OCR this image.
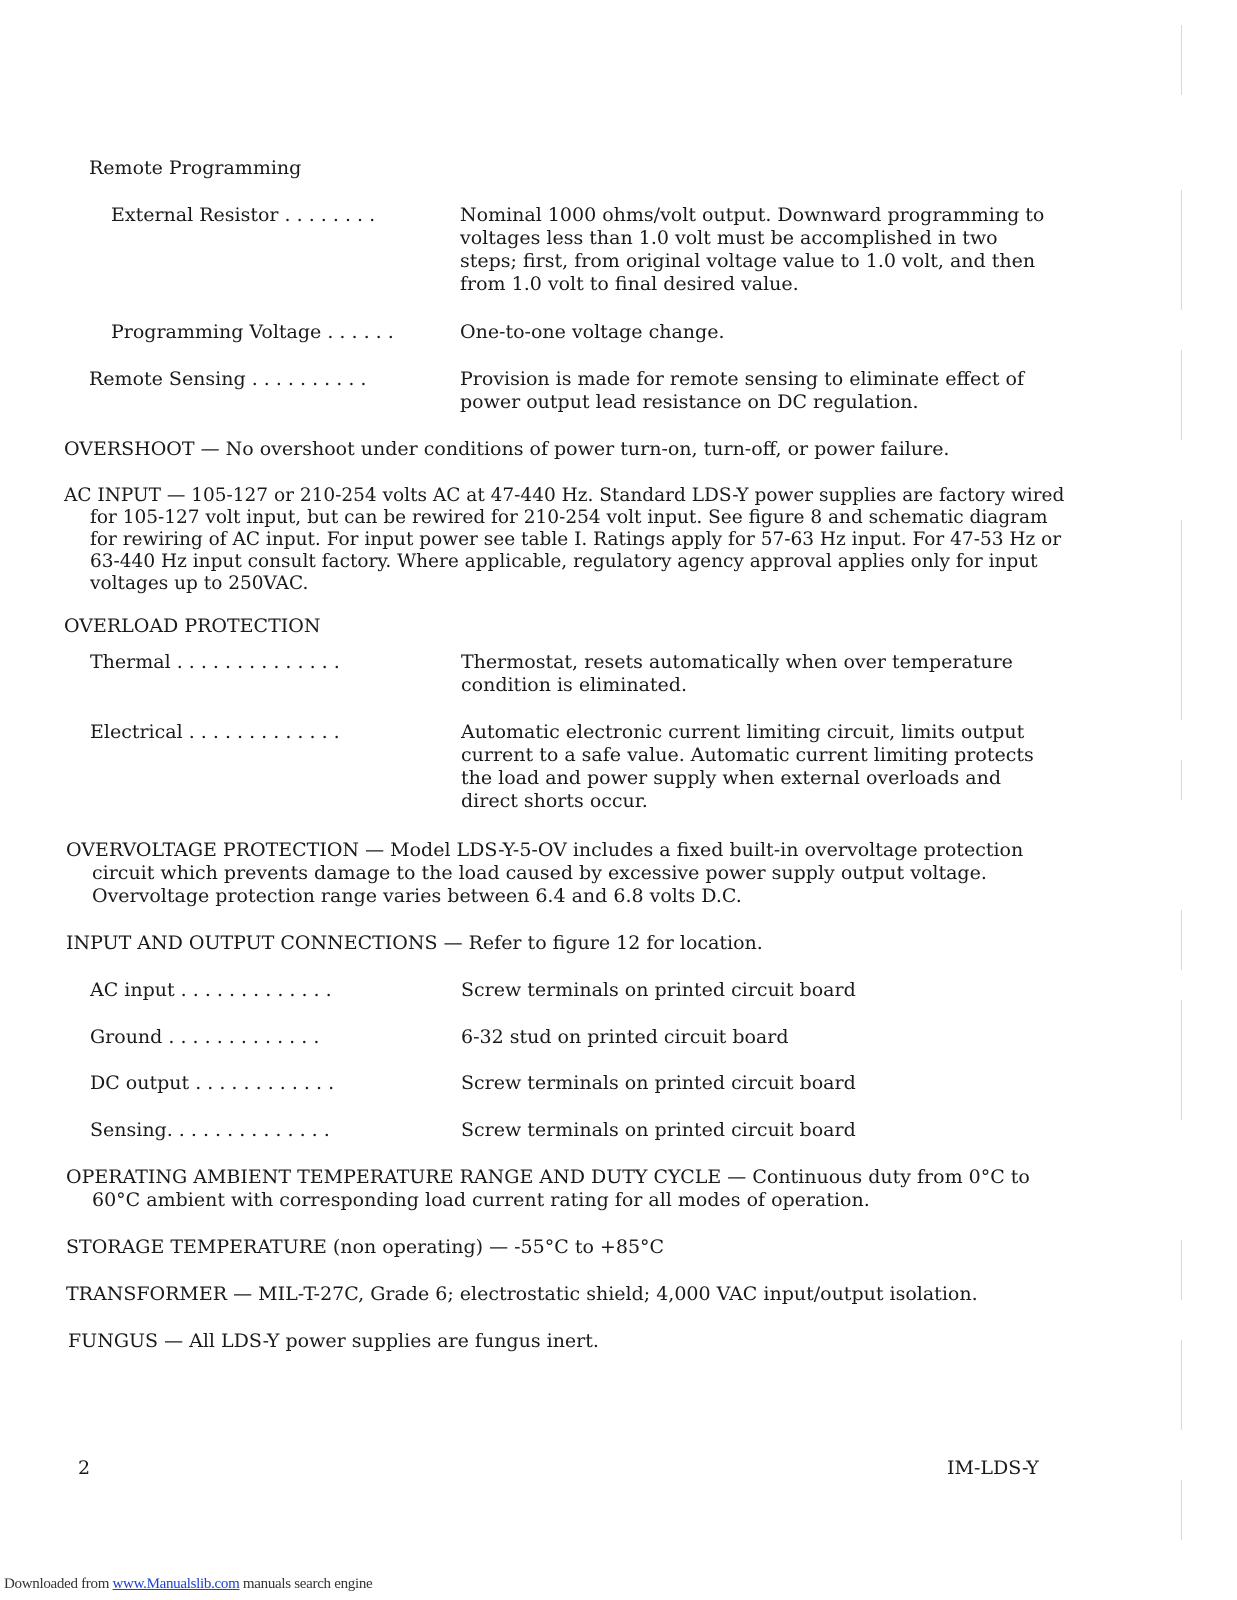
Remote Programming
External Resistor . . . . . . . .	Nominal 1000 ohms/volt output. Downward programming to voltages less than 1.0 volt must be accomplished in two steps; first, from original voltage value to 1.0 volt, and then from 1.0 volt to final desired value.
Programming Voltage . . . . . .	One-to-one voltage change.
Remote Sensing . . . . . . . . . .	Provision is made for remote sensing to eliminate effect of power output lead resistance on DC regulation.
OVERSHOOT — No overshoot under conditions of power turn-on, turn-off, or power failure.
AC INPUT — 105-127 or 210-254 volts AC at 47-440 Hz. Standard LDS-Y power supplies are factory wired for 105-127 volt input, but can be rewired for 210-254 volt input. See figure 8 and schematic diagram for rewiring of AC input. For input power see table I. Ratings apply for 57-63 Hz input. For 47-53 Hz or 63-440 Hz input consult factory. Where applicable, regulatory agency approval applies only for input voltages up to 250VAC.
OVERLOAD PROTECTION
Thermal . . . . . . . . . . . . . .	Thermostat, resets automatically when over temperature condition is eliminated.
Electrical . . . . . . . . . . . . .	Automatic electronic current limiting circuit, limits output current to a safe value. Automatic current limiting protects the load and power supply when external overloads and direct shorts occur.
OVERVOLTAGE PROTECTION — Model LDS-Y-5-OV includes a fixed built-in overvoltage protection circuit which prevents damage to the load caused by excessive power supply output voltage. Overvoltage protection range varies between 6.4 and 6.8 volts D.C.
INPUT AND OUTPUT CONNECTIONS — Refer to figure 12 for location.
AC input . . . . . . . . . . . . .	Screw terminals on printed circuit board
Ground . . . . . . . . . . . . .	6-32 stud on printed circuit board
DC output . . . . . . . . . . . .	Screw terminals on printed circuit board
Sensing. . . . . . . . . . . . . .	Screw terminals on printed circuit board
OPERATING AMBIENT TEMPERATURE RANGE AND DUTY CYCLE — Continuous duty from 0°C to 60°C ambient with corresponding load current rating for all modes of operation.
STORAGE TEMPERATURE (non operating) — -55°C to +85°C
TRANSFORMER — MIL-T-27C, Grade 6; electrostatic shield; 4,000 VAC input/output isolation.
FUNGUS — All LDS-Y power supplies are fungus inert.
2	IM-LDS-Y
Downloaded from www.Manualslib.com manuals search engine
